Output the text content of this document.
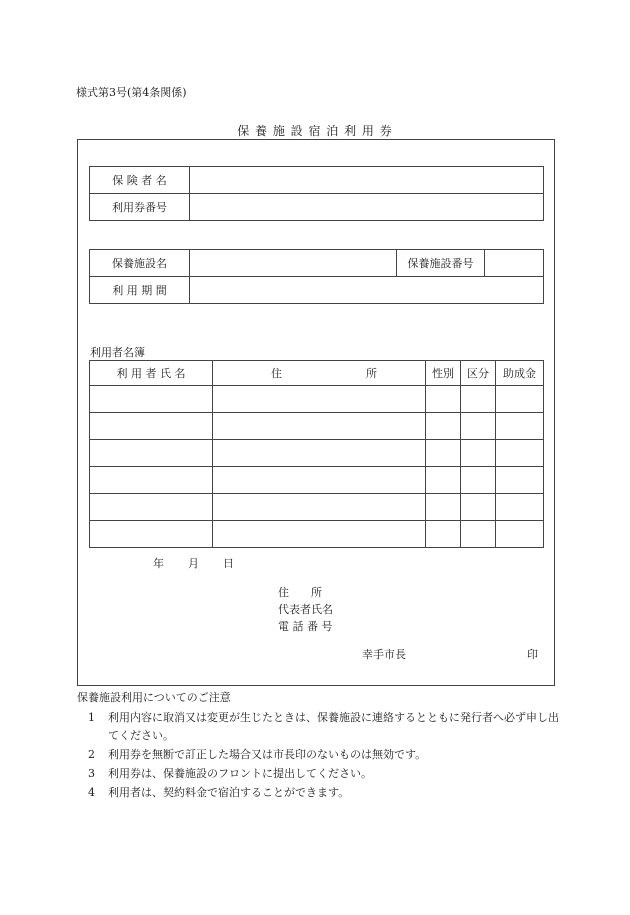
様式第3号(第4条関係)
保 養 施 設 宿 泊 利 用 券
保 険 者 名	
利用券番号	
保養施設名		保養施設番号	
利 用 期 間			
利用者名簿
利 用 者 氏 名	住 所	性別	区分	助成金

年 月 日
住　　所
代表者氏名
電 話 番 号
幸手市長	印
保養施設利用についてのご注意
1 利用内容に取消又は変更が生じたときは、保養施設に連絡するとともに発行者へ必ず申し出てください。
2 利用券を無断で訂正した場合又は市長印のないものは無効です。
3 利用券は、保養施設のフロントに提出してください。
4 利用者は、契約料金で宿泊することができます。
